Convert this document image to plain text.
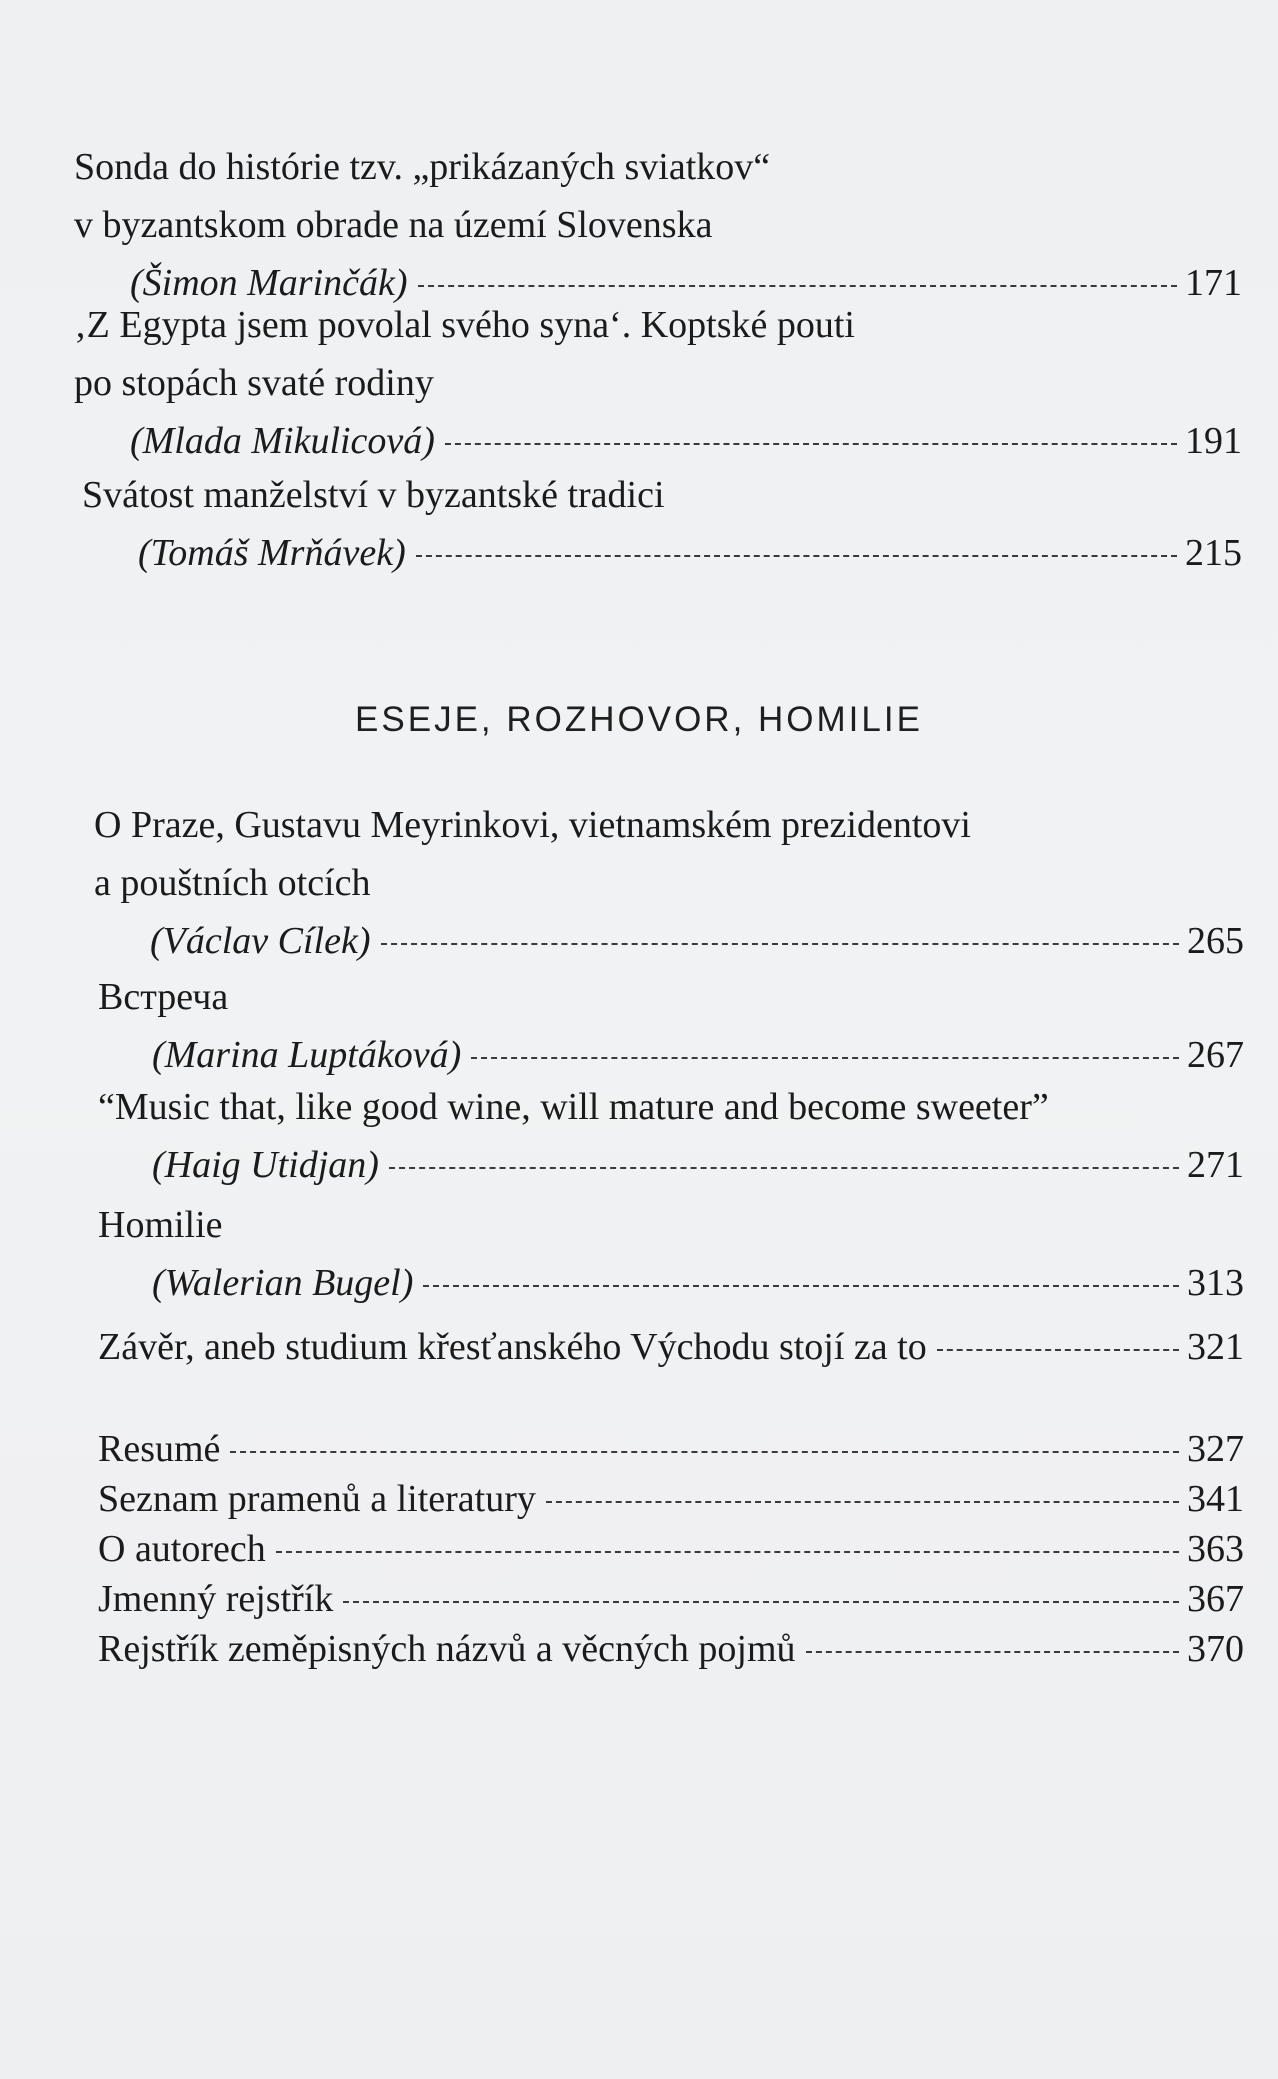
Sonda do histórie tzv. „prikázaných sviatkov“
v byzantskom obrade na území Slovenska
(Šimon Marinčák)	171
‚Z Egypta jsem povolal svého syna‘. Koptské pouti
po stopách svaté rodiny
(Mlada Mikulicová)	191
Svátost manželství v byzantské tradici
(Tomáš Mrňávek)	215
ESEJE, ROZHOVOR, HOMILIE
O Praze, Gustavu Meyrinkovi, vietnamském prezidentovi
a pouštních otcích
(Václav Cílek)	265
Встреча
(Marina Luptáková)	267
“Music that, like good wine, will mature and become sweeter”
(Haig Utidjan)	271
Homilie
(Walerian Bugel)	313
Závěr, aneb studium křesťanského Východu stojí za to	321
Resumé	327
Seznam pramenů a literatury	341
O autorech	363
Jmenný rejstřík	367
Rejstřík zeměpisných názvů a věcných pojmů	370
